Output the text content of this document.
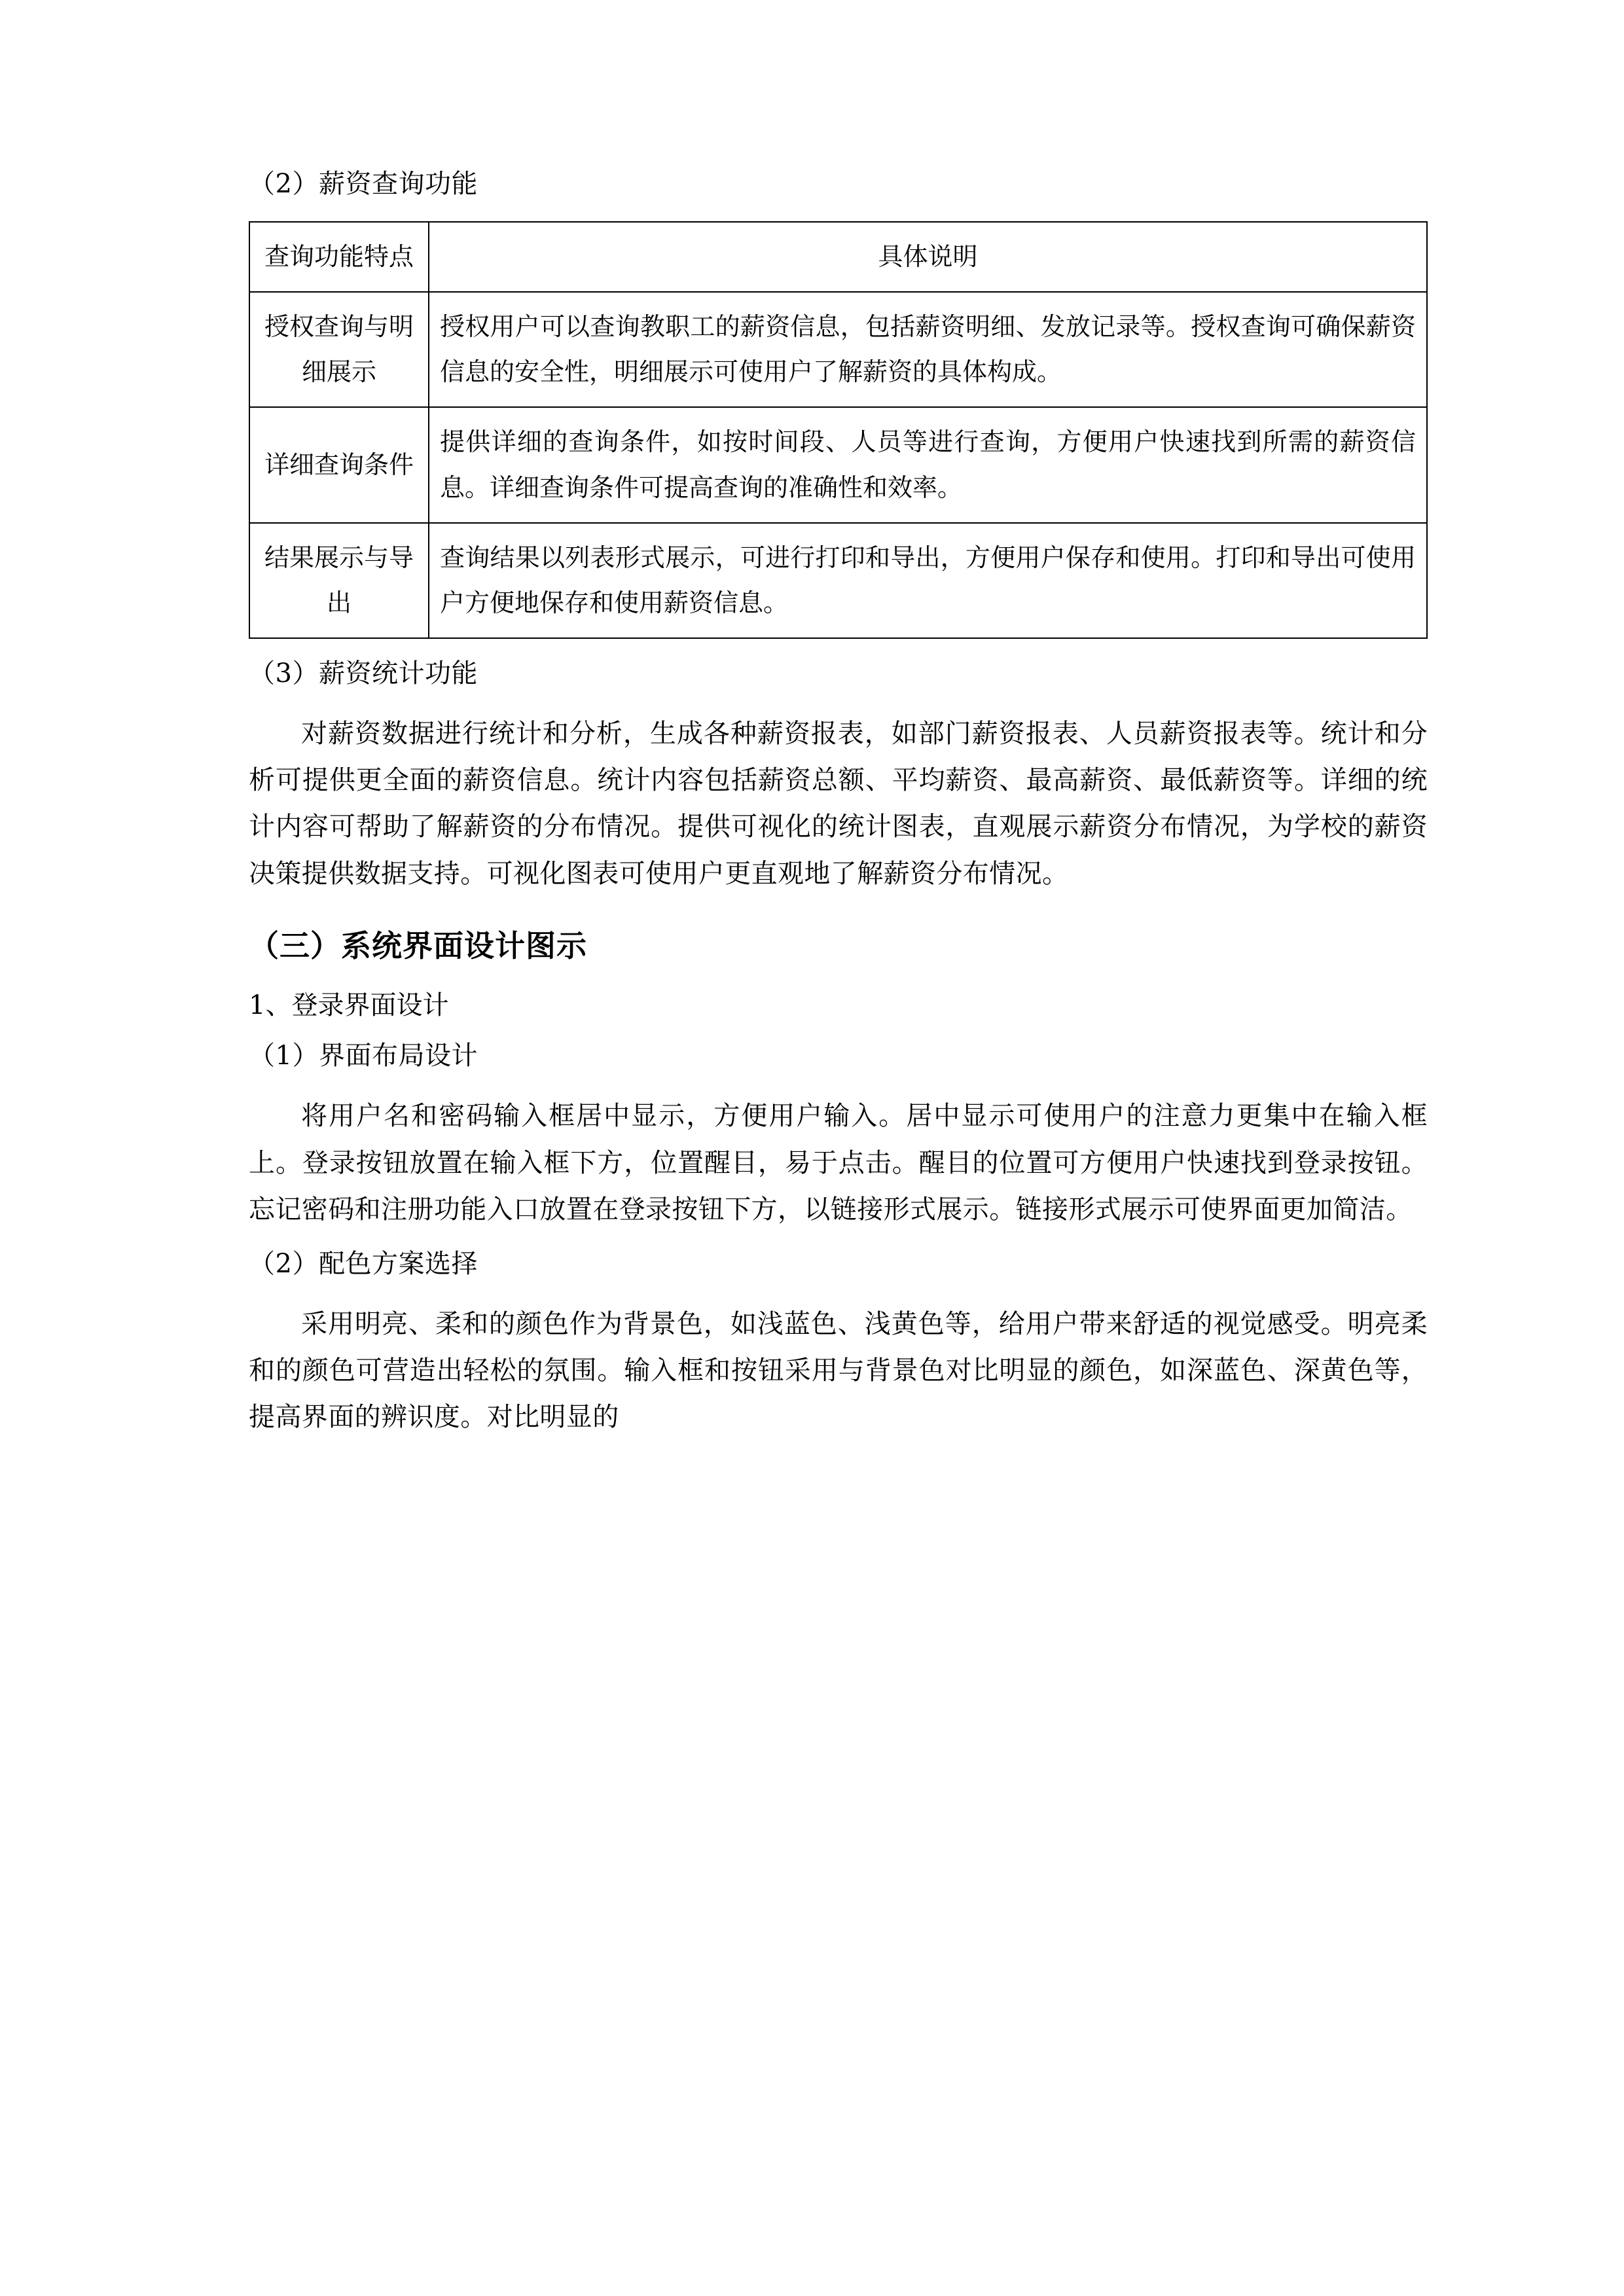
（2）薪资查询功能

查询功能特点	具体说明
授权查询与明细展示	授权用户可以查询教职工的薪资信息，包括薪资明细、发放记录等。授权查询可确保薪资信息的安全性，明细展示可使用户了解薪资的具体构成。
详细查询条件	提供详细的查询条件，如按时间段、人员等进行查询，方便用户快速找到所需的薪资信息。详细查询条件可提高查询的准确性和效率。
结果展示与导出	查询结果以列表形式展示，可进行打印和导出，方便用户保存和使用。打印和导出可使用户方便地保存和使用薪资信息。

（3）薪资统计功能

对薪资数据进行统计和分析，生成各种薪资报表，如部门薪资报表、人员薪资报表等。统计和分析可提供更全面的薪资信息。统计内容包括薪资总额、平均薪资、最高薪资、最低薪资等。详细的统计内容可帮助了解薪资的分布情况。提供可视化的统计图表，直观展示薪资分布情况，为学校的薪资决策提供数据支持。可视化图表可使用户更直观地了解薪资分布情况。

（三）系统界面设计图示

1、登录界面设计

（1）界面布局设计

将用户名和密码输入框居中显示，方便用户输入。居中显示可使用户的注意力更集中在输入框上。登录按钮放置在输入框下方，位置醒目，易于点击。醒目的位置可方便用户快速找到登录按钮。忘记密码和注册功能入口放置在登录按钮下方，以链接形式展示。链接形式展示可使界面更加简洁。

（2）配色方案选择

采用明亮、柔和的颜色作为背景色，如浅蓝色、浅黄色等，给用户带来舒适的视觉感受。明亮柔和的颜色可营造出轻松的氛围。输入框和按钮采用与背景色对比明显的颜色，如深蓝色、深黄色等，提高界面的辨识度。对比明显的
